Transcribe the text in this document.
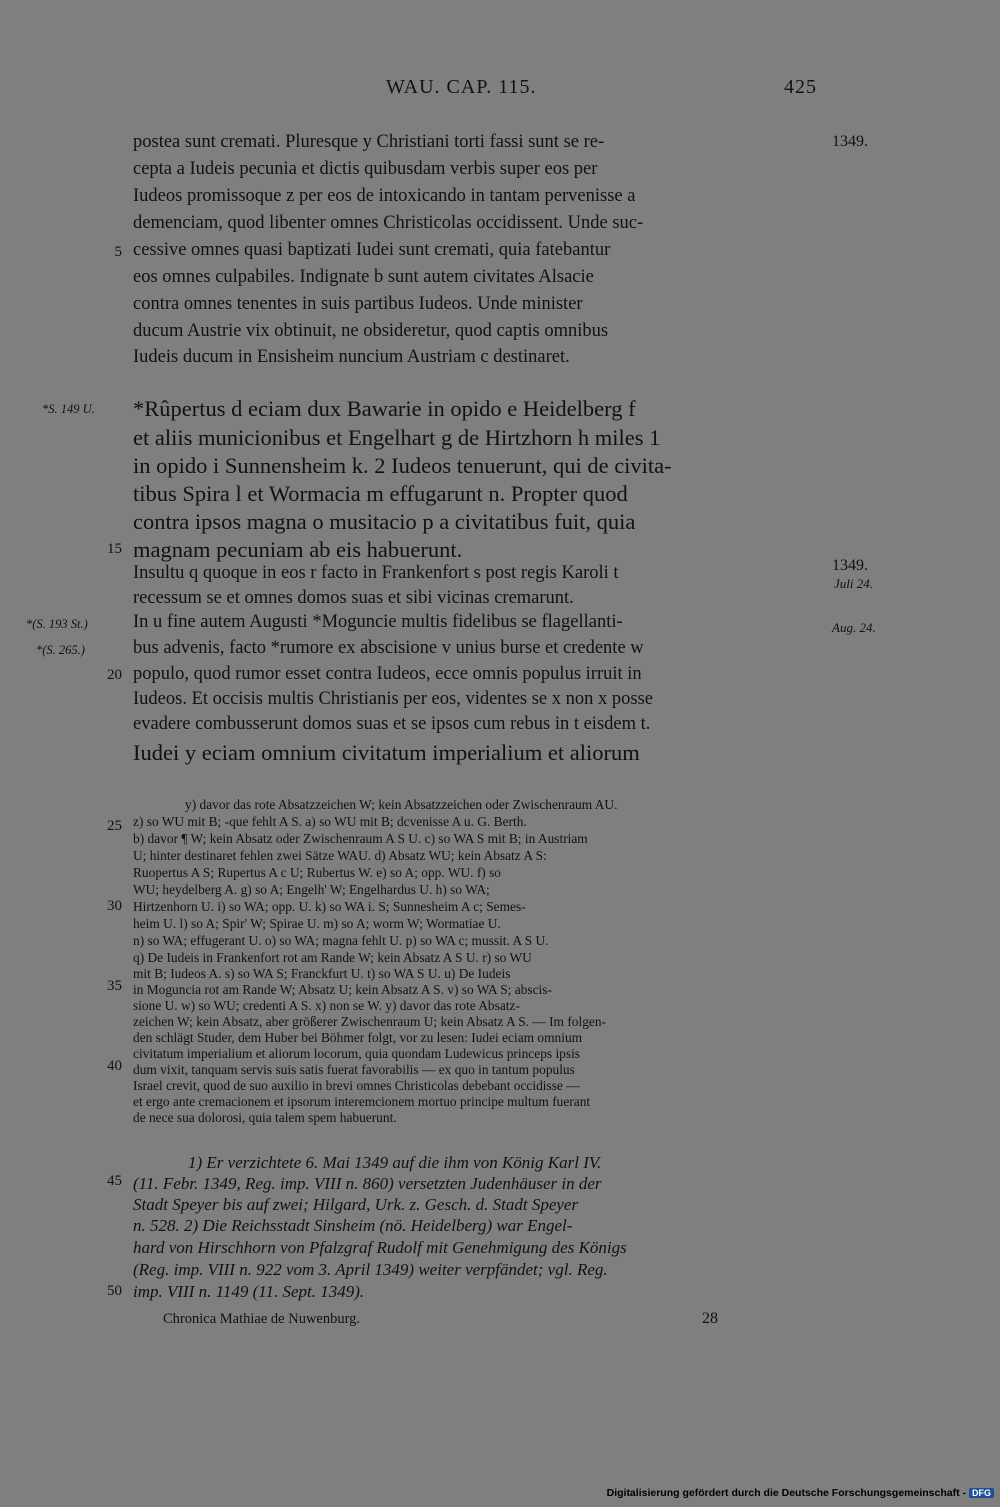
WAU. CAP. 115.	425
postea sunt cremati. Pluresque y Christiani torti fassi sunt se re-
cepta a Iudeis pecunia et dictis quibusdam verbis super eos per
Iudeos promissoque z per eos de intoxicando in tantam pervenisse a
demenciam, quod libenter omnes Christicolas occidissent. Unde suc-
cessive omnes quasi baptizati Iudei sunt cremati, quia fatebantur
eos omnes culpabiles. Indignate b sunt autem civitates Alsacie
contra omnes tenentes in suis partibus Iudeos. Unde minister
ducum Austrie vix obtinuit, ne obsideretur, quod captis omnibus
Iudeis ducum in Ensisheim nuncium Austriam c destinaret.
*Rûpertus d eciam dux Bawarie in opido e Heidelberg f
et aliis municionibus et Engelhart g de Hirtzhorn h miles 1
in opido i Sunnensheim k. 2 Iudeos tenuerunt, qui de civita-
tibus Spira l et Wormacia m effugarunt n. Propter quod
contra ipsos magna o musitacio p a civitatibus fuit, quia
magnam pecuniam ab eis habuerunt.
Insultu q quoque in eos r facto in Frankenfort s post regis Karoli t
recessum se et omnes domos suas et sibi vicinas cremarunt.
In u fine autem Augusti *Moguncie multis fidelibus se flagellanti-
bus advenis, facto *rumore ex abscisione v unius burse et credente w
populo, quod rumor esset contra Iudeos, ecce omnis populus irruit in
Iudeos. Et occisis multis Christianis per eos, videntes se x non x posse
evadere combusserunt domos suas et se ipsos cum rebus in t eisdem t.
Iudei y eciam omnium civitatum imperialium et aliorum
5
15
20
25
30
35
40
45
50
*S. 149 U.
*(S. 193 St.)
*(S. 265.)
1349.
1349.
Juli 24.
Aug. 24.
y) davor das rote Absatzzeichen W; kein Absatzzeichen oder Zwischenraum AU.
z) so WU mit B; -que fehlt A S. a) so WU mit B; dcvenisse A u. G. Berth.
b) davor ¶ W; kein Absatz oder Zwischenraum A S U. c) so WA S mit B; in Austriam
U; hinter destinaret fehlen zwei Sätze WAU. d) Absatz WU; kein Absatz A S:
Ruopertus A S; Rupertus A c U; Rubertus W. e) so A; opp. WU. f) so
WU; heydelberg A. g) so A; Engelh' W; Engelhardus U. h) so WA;
Hirtzenhorn U. i) so WA; opp. U. k) so WA i. S; Sunnesheim A c; Semes-
heim U. l) so A; Spir' W; Spirae U. m) so A; worm W; Wormatiae U.
n) so WA; effugerant U. o) so WA; magna fehlt U. p) so WA c; mussit. A S U.
q) De Iudeis in Frankenfort rot am Rande W; kein Absatz A S U. r) so WU
mit B; Iudeos A. s) so WA S; Franckfurt U. t) so WA S U. u) De Iudeis
in Moguncia rot am Rande W; Absatz U; kein Absatz A S. v) so WA S; abscis-
sione U. w) so WU; credenti A S. x) non se W. y) davor das rote Absatz-
zeichen W; kein Absatz, aber größerer Zwischenraum U; kein Absatz A S. — Im folgen-
den schlägt Studer, dem Huber bei Böhmer folgt, vor zu lesen: Iudei eciam omnium
civitatum imperialium et aliorum locorum, quia quondam Ludewicus princeps ipsis
dum vixit, tanquam servis suis satis fuerat favorabilis — ex quo in tantum populus
Israel crevit, quod de suo auxilio in brevi omnes Christicolas debebant occidisse —
et ergo ante cremacionem et ipsorum interemcionem mortuo principe multum fuerant
de nece sua dolorosi, quia talem spem habuerunt.
1) Er verzichtete 6. Mai 1349 auf die ihm von König Karl IV.
(11. Febr. 1349, Reg. imp. VIII n. 860) versetzten Judenhäuser in der
Stadt Speyer bis auf zwei; Hilgard, Urk. z. Gesch. d. Stadt Speyer
n. 528. 2) Die Reichsstadt Sinsheim (nö. Heidelberg) war Engel-
hard von Hirschhorn von Pfalzgraf Rudolf mit Genehmigung des Königs
(Reg. imp. VIII n. 922 vom 3. April 1349) weiter verpfändet; vgl. Reg.
imp. VIII n. 1149 (11. Sept. 1349).
Chronica Mathiae de Nuwenburg.	28
Digitalisierung gefördert durch die Deutsche Forschungsgemeinschaft - DFG
